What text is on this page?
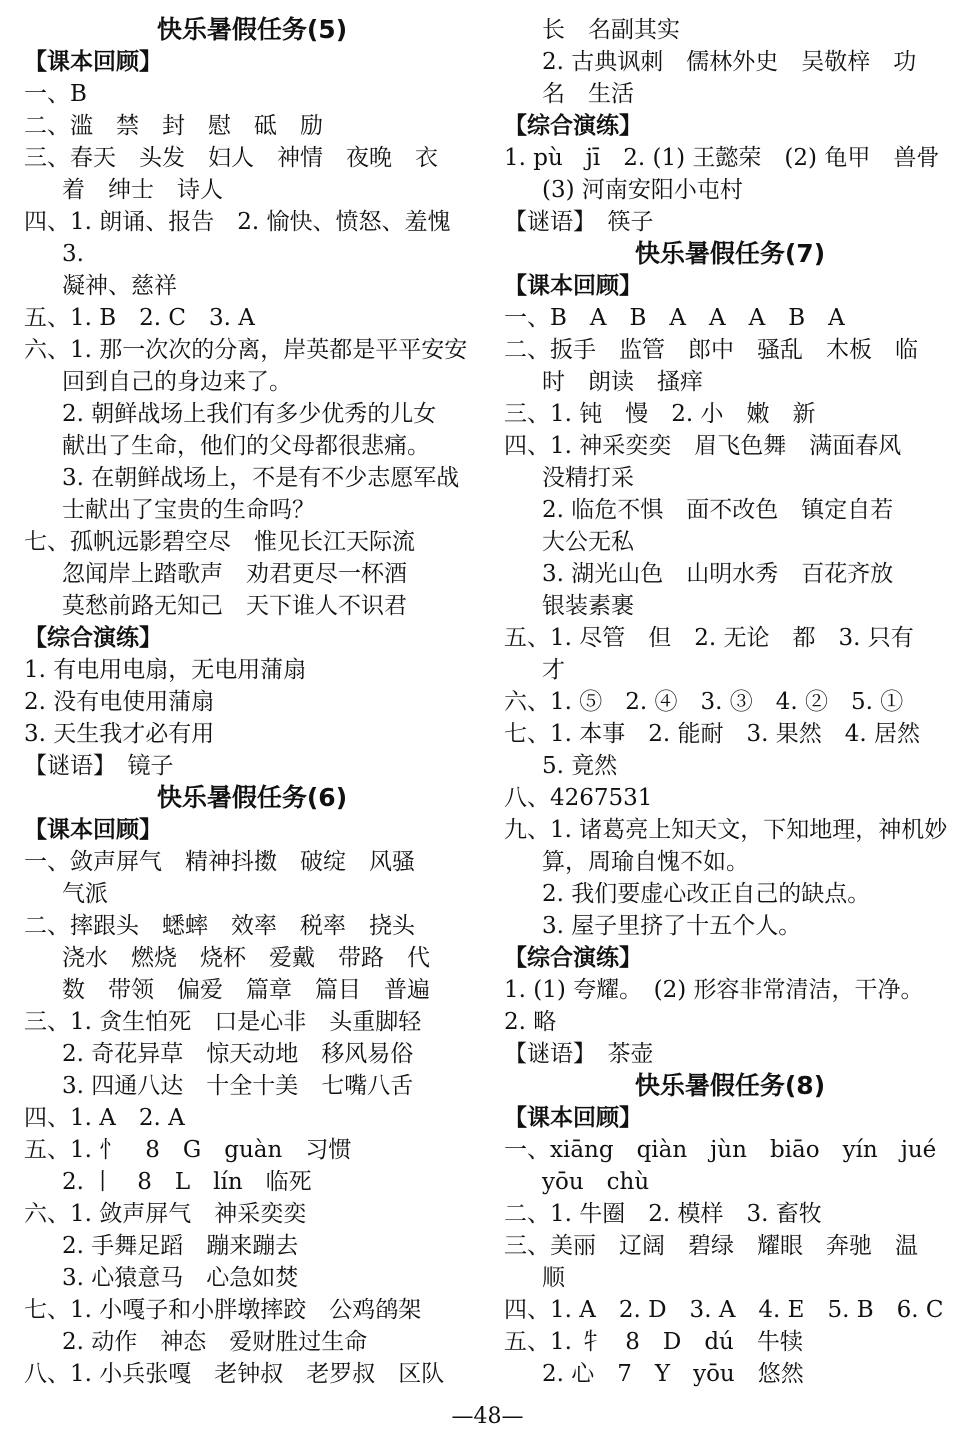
快乐暑假任务(5)
【课本回顾】
一、B
二、滥　禁　封　慰　砥　励
三、春天　头发　妇人　神情　夜晚　衣
着　绅士　诗人
四、1. 朗诵、报告　2. 愉快、愤怒、羞愧　3.
凝神、慈祥
五、1. B　2. C　3. A
六、1. 那一次次的分离，岸英都是平平安安
回到自己的身边来了。
2. 朝鲜战场上我们有多少优秀的儿女
献出了生命，他们的父母都很悲痛。
3. 在朝鲜战场上，不是有不少志愿军战
士献出了宝贵的生命吗？
七、孤帆远影碧空尽　惟见长江天际流
忽闻岸上踏歌声　劝君更尽一杯酒
莫愁前路无知己　天下谁人不识君
【综合演练】
1. 有电用电扇，无电用蒲扇
2. 没有电使用蒲扇
3. 天生我才必有用
【谜语】　镜子
快乐暑假任务(6)
【课本回顾】
一、敛声屏气　精神抖擞　破绽　风骚
气派
二、摔跟头　蟋蟀　效率　税率　挠头
浇水　燃烧　烧杯　爱戴　带路　代
数　带领　偏爱　篇章　篇目　普遍
三、1. 贪生怕死　口是心非　头重脚轻
2. 奇花异草　惊天动地　移风易俗
3. 四通八达　十全十美　七嘴八舌
四、1. A　2. A
五、1. 忄　8　G　guàn　习惯
2. 丨　8　L　lín　临死
六、1. 敛声屏气　神采奕奕
2. 手舞足蹈　蹦来蹦去
3. 心猿意马　心急如焚
七、1. 小嘎子和小胖墩摔跤　公鸡鹐架
2. 动作　神态　爱财胜过生命
八、1. 小兵张嘎　老钟叔　老罗叔　区队
长　名副其实
2. 古典讽刺　儒林外史　吴敬梓　功
名　生活
【综合演练】
1. pù　jī　2. (1) 王懿荣　(2) 龟甲　兽骨
(3) 河南安阳小屯村
【谜语】　筷子
快乐暑假任务(7)
【课本回顾】
一、B　A　B　A　A　A　B　A
二、扳手　监管　郎中　骚乱　木板　临
时　朗读　搔痒
三、1. 钝　慢　2. 小　嫩　新
四、1. 神采奕奕　眉飞色舞　满面春风
没精打采
2. 临危不惧　面不改色　镇定自若
大公无私
3. 湖光山色　山明水秀　百花齐放
银装素裹
五、1. 尽管　但　2. 无论　都　3. 只有　才
六、1. ⑤　2. ④　3. ③　4. ②　5. ①
七、1. 本事　2. 能耐　3. 果然　4. 居然
5. 竟然
八、4267531
九、1. 诸葛亮上知天文，下知地理，神机妙
算，周瑜自愧不如。
2. 我们要虚心改正自己的缺点。
3. 屋子里挤了十五个人。
【综合演练】
1. (1) 夸耀。　(2) 形容非常清洁，干净。
2. 略
【谜语】　茶壶
快乐暑假任务(8)
【课本回顾】
一、xiāng　qiàn　jùn　biāo　yín　jué
yōu　chù
二、1. 牛圈　2. 模样　3. 畜牧
三、美丽　辽阔　碧绿　耀眼　奔驰　温
顺
四、1. A　2. D　3. A　4. E　5. B　6. C
五、1. 牜　8　D　dú　牛犊
2. 心　7　Y　yōu　悠然
—48—
